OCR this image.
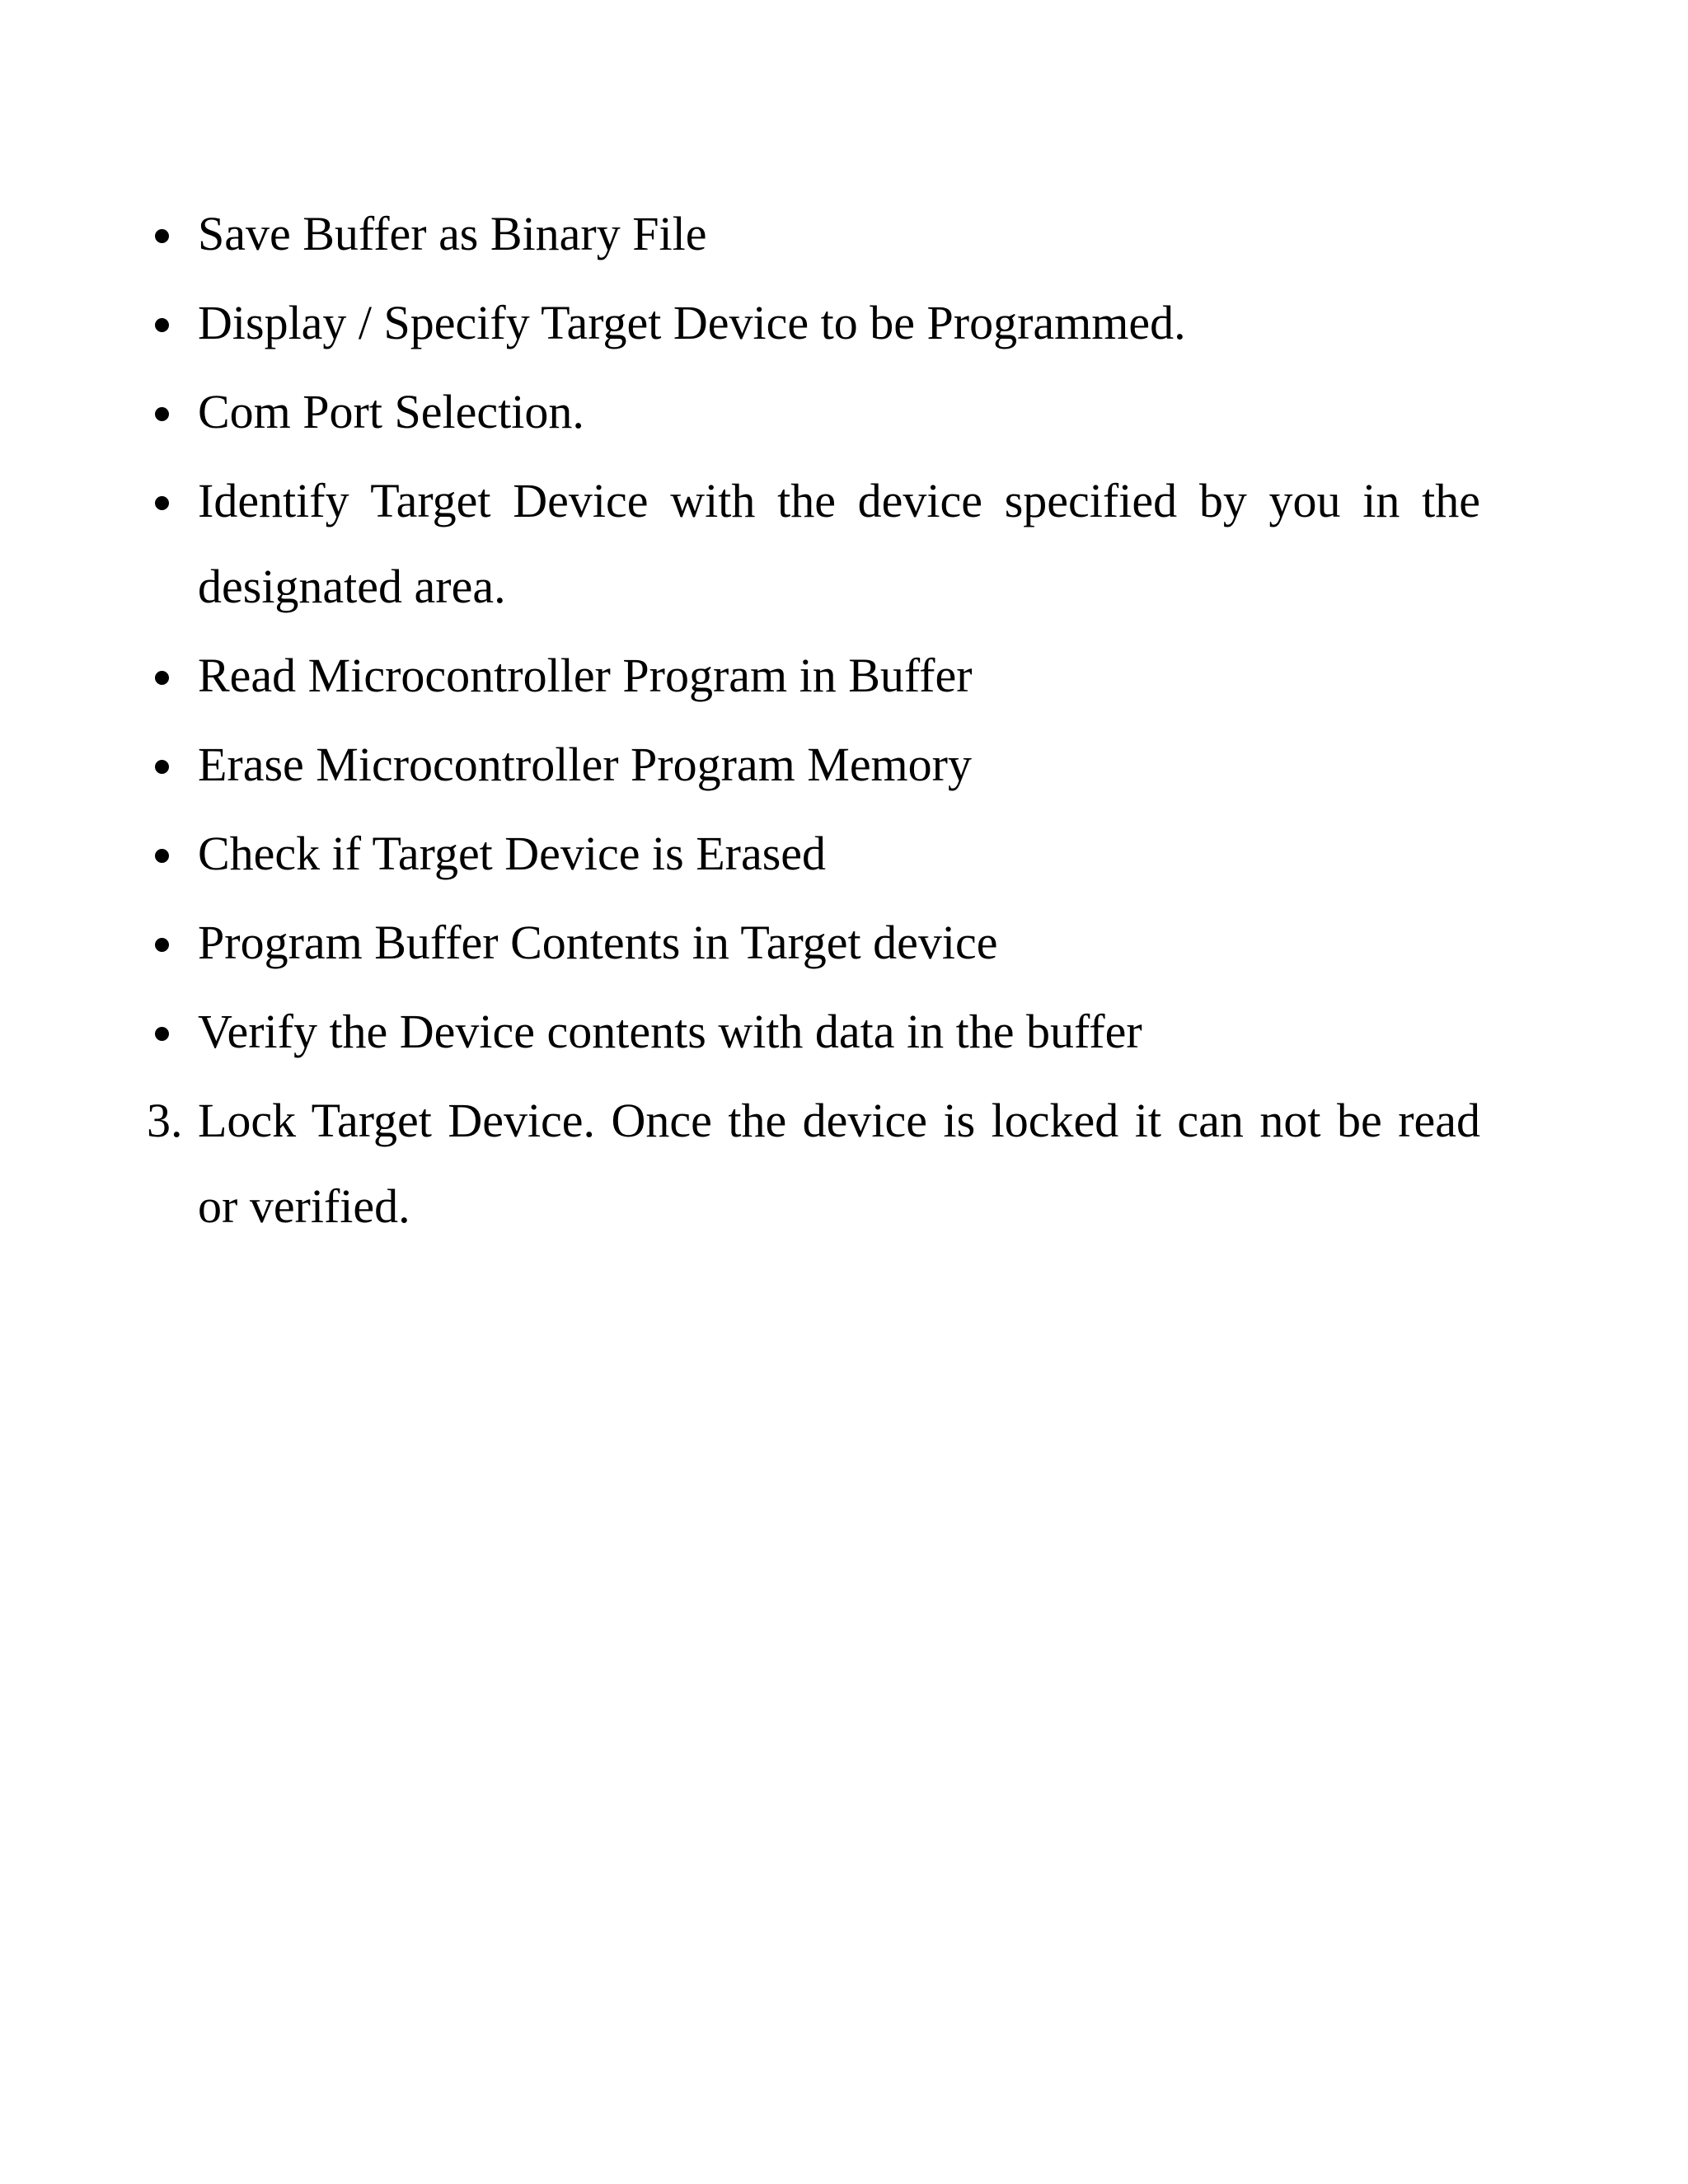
Save Buffer as Binary File
Display / Specify Target Device to be Programmed.
Com Port Selection.
Identify Target Device with the device specified by you in the designated area.
Read Microcontroller Program in Buffer
Erase Microcontroller Program Memory
Check if Target Device is Erased
Program Buffer Contents in Target device
Verify the Device contents with data in the buffer
3. Lock Target Device. Once the device is locked it can not be read or verified.
